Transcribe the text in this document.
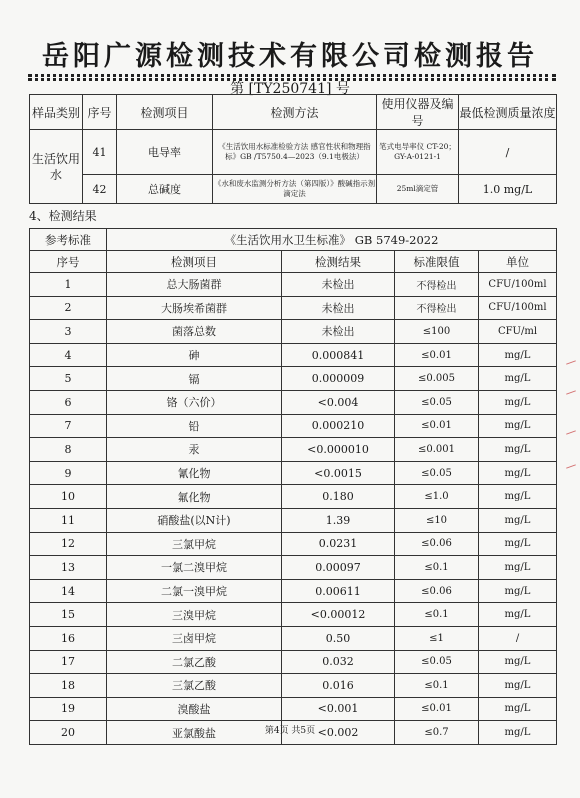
岳阳广源检测技术有限公司检测报告
第 [TY250741] 号
样品类别	序号	检测项目	检测方法	使用仪器及编号	最低检测质量浓度
生活饮用水	41	电导率	《生活饮用水标准检验方法 感官性状和物理指标》GB /T5750.4—2023（9.1电极法）	笔式电导率仪 CT-20； GY-A-0121-1	/
	42	总碱度	《水和废水监测分析方法（第四版）》酸碱指示剂滴定法	25ml滴定管	1.0 mg/L
4、检测结果
参考标准	《生活饮用水卫生标准》 GB 5749-2022			
序号	检测项目	检测结果	标准限值	单位
1	总大肠菌群	未检出	不得检出	CFU/100ml
2	大肠埃希菌群	未检出	不得检出	CFU/100ml
3	菌落总数	未检出	≤100	CFU/ml
4	砷	0.000841	≤0.01	mg/L
5	镉	0.000009	≤0.005	mg/L
6	铬（六价）	<0.004	≤0.05	mg/L
7	铅	0.000210	≤0.01	mg/L
8	汞	<0.000010	≤0.001	mg/L
9	氰化物	<0.0015	≤0.05	mg/L
10	氟化物	0.180	≤1.0	mg/L
11	硝酸盐(以N计)	1.39	≤10	mg/L
12	三氯甲烷	0.0231	≤0.06	mg/L
13	一氯二溴甲烷	0.00097	≤0.1	mg/L
14	二氯一溴甲烷	0.00611	≤0.06	mg/L
15	三溴甲烷	<0.00012	≤0.1	mg/L
16	三卤甲烷	0.50	≤1	/
17	二氯乙酸	0.032	≤0.05	mg/L
18	三氯乙酸	0.016	≤0.1	mg/L
19	溴酸盐	<0.001	≤0.01	mg/L
20	亚氯酸盐	<0.002	≤0.7	mg/L
第4页 共5页
